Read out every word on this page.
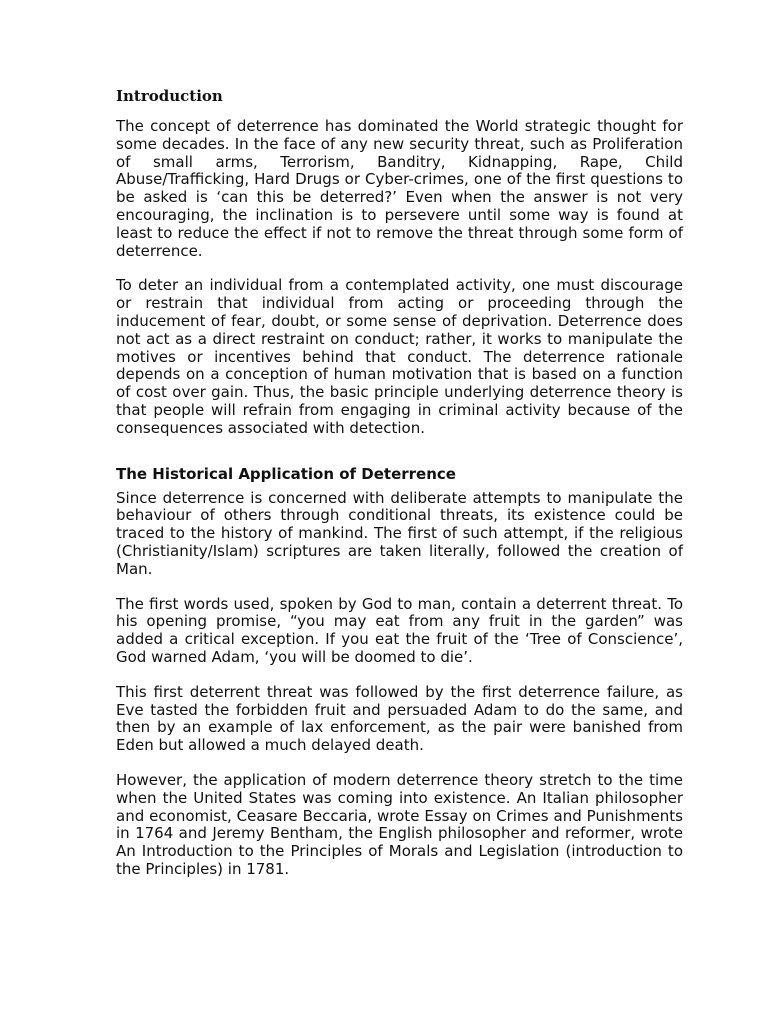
Introduction

The concept of deterrence has dominated the World strategic thought for some decades. In the face of any new security threat, such as Proliferation of small arms, Terrorism, Banditry, Kidnapping, Rape, Child Abuse/Trafficking, Hard Drugs or Cyber-crimes, one of the first questions to be asked is ‘can this be deterred?’ Even when the answer is not very encouraging, the inclination is to persevere until some way is found at least to reduce the effect if not to remove the threat through some form of deterrence.

To deter an individual from a contemplated activity, one must discourage or restrain that individual from acting or proceeding through the inducement of fear, doubt, or some sense of deprivation. Deterrence does not act as a direct restraint on conduct; rather, it works to manipulate the motives or incentives behind that conduct. The deterrence rationale depends on a conception of human motivation that is based on a function of cost over gain. Thus, the basic principle underlying deterrence theory is that people will refrain from engaging in criminal activity because of the consequences associated with detection.

The Historical Application of Deterrence

Since deterrence is concerned with deliberate attempts to manipulate the behaviour of others through conditional threats, its existence could be traced to the history of mankind. The first of such attempt, if the religious (Christianity/Islam) scriptures are taken literally, followed the creation of Man.

The first words used, spoken by God to man, contain a deterrent threat. To his opening promise, “you may eat from any fruit in the garden” was added a critical exception. If you eat the fruit of the ‘Tree of Conscience’, God warned Adam, ‘you will be doomed to die’.

This first deterrent threat was followed by the first deterrence failure, as Eve tasted the forbidden fruit and persuaded Adam to do the same, and then by an example of lax enforcement, as the pair were banished from Eden but allowed a much delayed death.

However, the application of modern deterrence theory stretch to the time when the United States was coming into existence. An Italian philosopher and economist, Ceasare Beccaria, wrote Essay on Crimes and Punishments in 1764 and Jeremy Bentham, the English philosopher and reformer, wrote An Introduction to the Principles of Morals and Legislation (introduction to the Principles) in 1781.
